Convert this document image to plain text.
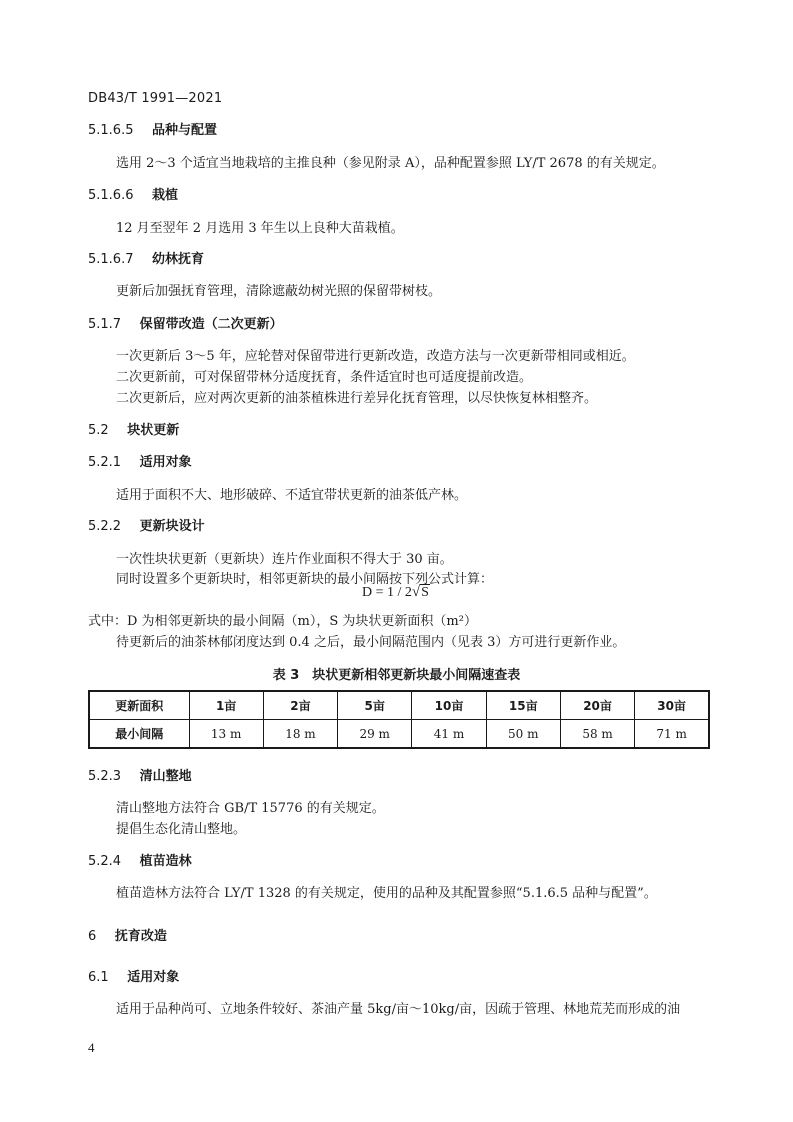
DB43/T 1991—2021
5.1.6.5 品种与配置
选用 2～3 个适宜当地栽培的主推良种（参见附录 A），品种配置参照 LY/T 2678 的有关规定。
5.1.6.6 栽植
12 月至翌年 2 月选用 3 年生以上良种大苗栽植。
5.1.6.7 幼林抚育
更新后加强抚育管理，清除遮蔽幼树光照的保留带树枝。
5.1.7 保留带改造（二次更新）
一次更新后 3～5 年，应轮替对保留带进行更新改造，改造方法与一次更新带相同或相近。
二次更新前，可对保留带林分适度抚育，条件适宜时也可适度提前改造。
二次更新后，应对两次更新的油茶植株进行差异化抚育管理，以尽快恢复林相整齐。
5.2 块状更新
5.2.1 适用对象
适用于面积不大、地形破碎、不适宜带状更新的油茶低产林。
5.2.2 更新块设计
一次性块状更新（更新块）连片作业面积不得大于 30 亩。
同时设置多个更新块时，相邻更新块的最小间隔按下列公式计算：
D = 1 / 2√S
式中：D 为相邻更新块的最小间隔（m），S 为块状更新面积（m²）
待更新后的油茶林郁闭度达到 0.4 之后，最小间隔范围内（见表 3）方可进行更新作业。
表 3　块状更新相邻更新块最小间隔速查表
更新面积	1亩	2亩	5亩	10亩	15亩	20亩	30亩
最小间隔	13 m	18 m	29 m	41 m	50 m	58 m	71 m
5.2.3 清山整地
清山整地方法符合 GB/T 15776 的有关规定。
提倡生态化清山整地。
5.2.4 植苗造林
植苗造林方法符合 LY/T 1328 的有关规定，使用的品种及其配置参照“5.1.6.5 品种与配置”。
6 抚育改造
6.1 适用对象
适用于品种尚可、立地条件较好、茶油产量 5kg/亩～10kg/亩，因疏于管理、林地荒芜而形成的油
4
